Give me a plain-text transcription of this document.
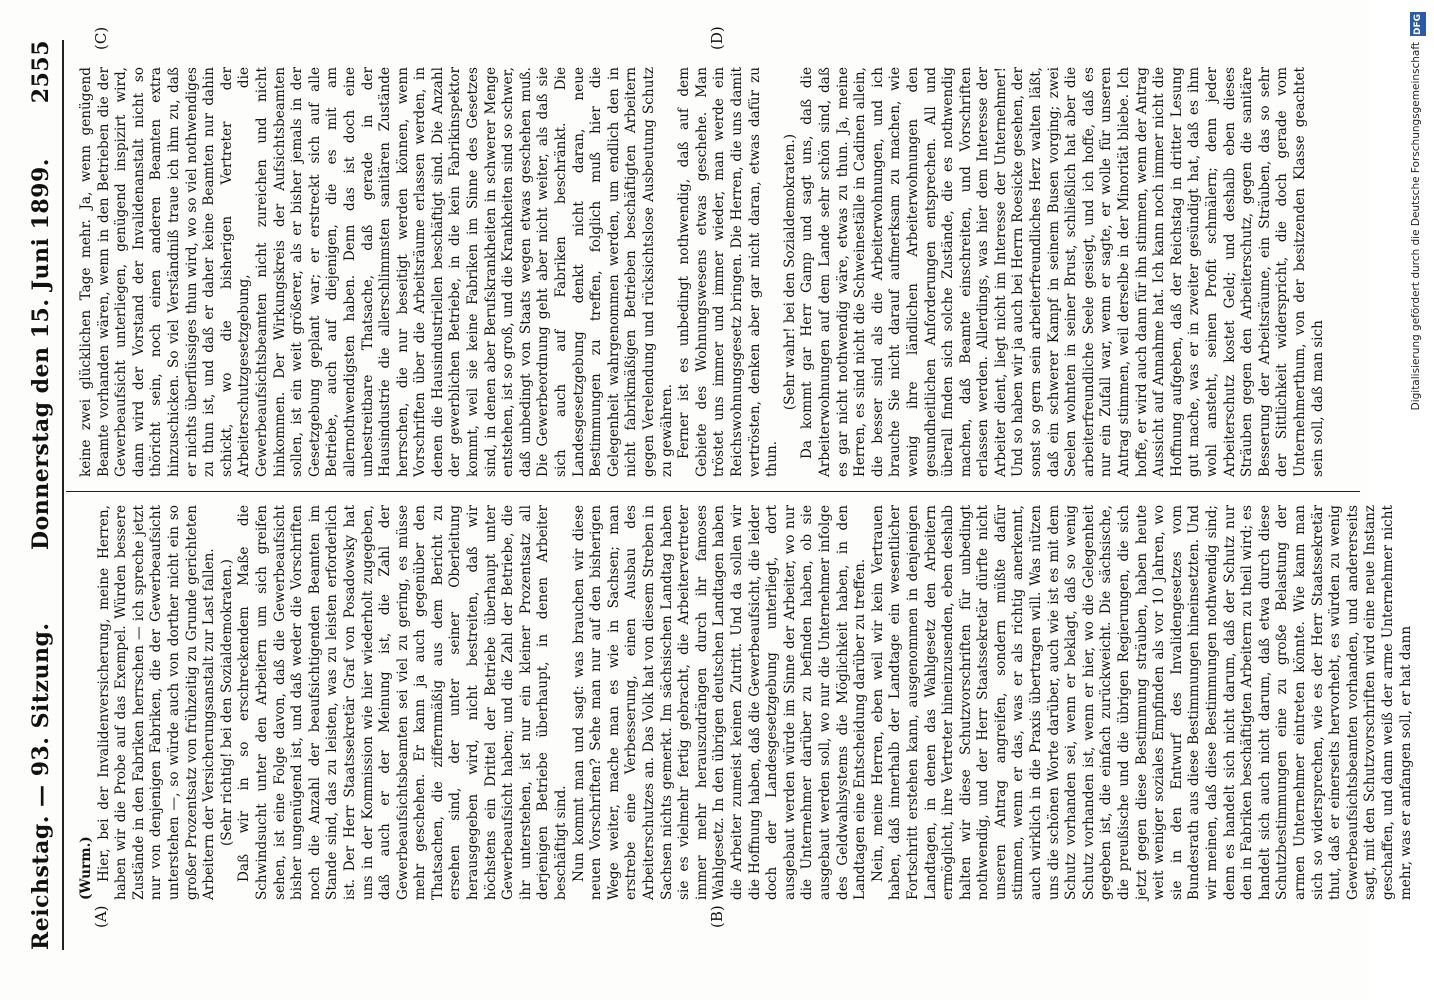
Reichstag. — 93. Sitzung.
Donnerstag den 15. Juni 1899.
2555
(A)	(B)
(C)	(D)

(Wurm.) Hier, bei der Invalidenversicherung, meine Herren, haben wir die Probe auf das Exempel. Würden bessere Zustände in den Fabriken herrschen — ich spreche jetzt nur von denjenigen Fabriken, die der Gewerbeaufsicht unterstehen —, so würde auch von dorther nicht ein so großer Prozentsatz von frühzeitig zu Grunde gerichteten Arbeitern der Versicherungsanstalt zur Last fallen. (Sehr richtig! bei den Sozialdemokraten.) Daß wir in so erschreckendem Maße die Schwindsucht unter den Arbeitern um sich greifen sehen, ist eine Folge davon, daß die Gewerbeaufsicht bisher ungenügend ist, und daß weder die Vorschriften noch die Anzahl der beaufsichtigenden Beamten im Stande sind, das zu leisten, was zu leisten erforderlich ist. Der Herr Staatssekretär Graf von Posadowsky hat uns in der Kommission wie hier wiederholt zugegeben, daß auch er der Meinung ist, die Zahl der Gewerbeaufsichtsbeamten sei viel zu gering, es müsse mehr geschehen. Er kann ja auch gegenüber den Thatsachen, die ziffernmäßig aus dem Bericht zu ersehen sind, der unter seiner Oberleitung herausgegeben wird, nicht bestreiten, daß wir höchstens ein Drittel der Betriebe überhaupt unter Gewerbeaufsicht haben; und die Zahl der Betriebe, die ihr unterstehen, ist nur ein kleiner Prozentsatz all derjenigen Betriebe überhaupt, in denen Arbeiter beschäftigt sind. Nun kommt man und sagt: was brauchen wir diese neuen Vorschriften? Sehe man nur auf den bisherigen Wege weiter, mache man es wie in Sachsen; man erstrebe eine Verbesserung, einen Ausbau des Arbeiterschutzes an. Das Volk hat von diesem Streben in Sachsen nichts gemerkt. Im sächsischen Landtag haben sie es vielmehr fertig gebracht, die Arbeitervertreter immer mehr herauszudrängen durch ihr famoses Wahlgesetz. In den übrigen deutschen Landtagen haben die Arbeiter zumeist keinen Zutritt. Und da sollen wir die Hoffnung haben, daß die Gewerbeaufsicht, die leider doch der Landesgesetzgebung unterliegt, dort ausgebaut werden würde im Sinne der Arbeiter, wo nur die Unternehmer darüber zu befinden haben, ob sie ausgebaut werden soll, wo nur die Unternehmer infolge des Geldwahlsystems die Möglichkeit haben, in den Landtagen eine Entscheidung darüber zu treffen. Nein, meine Herren, eben weil wir kein Vertrauen haben, daß innerhalb der Landtage ein wesentlicher Fortschritt erstehen kann, ausgenommen in denjenigen Landtagen, in denen das Wahlgesetz den Arbeitern ermöglicht, ihre Vertreter hineinzusenden, eben deshalb halten wir diese Schutzvorschriften für unbedingt nothwendig, und der Herr Staatssekretär dürfte nicht unseren Antrag angreifen, sondern müßte dafür stimmen, wenn er das, was er als richtig anerkennt, auch wirklich in die Praxis übertragen will. Was nützen uns die schönen Worte darüber, auch wie ist es mit dem Schutz vorhanden sei, wenn er beklagt, daß so wenig Schutz vorhanden ist, wenn er hier, wo die Gelegenheit gegeben ist, die einfach zurückweicht. Die sächsische, die preußische und die übrigen Regierungen, die sich jetzt gegen diese Bestimmung sträuben, haben heute weit weniger soziales Empfinden als vor 10 Jahren, wo sie in den Entwurf des Invalidengesetzes vom Bundesrath aus diese Bestimmungen hineinsetzten. Und wir meinen, daß diese Bestimmungen nothwendig sind; denn es handelt sich nicht darum, daß der Schutz nur den in Fabriken beschäftigten Arbeitern zu theil wird; es handelt sich auch nicht darum, daß etwa durch diese Schutzbestimmungen eine zu große Belastung der armen Unternehmer eintreten könnte. Wie kann man sich so widersprechen, wie es der Herr Staatssekretär thut, daß er einerseits hervorhebt, es würden zu wenig Gewerbeaufsichtsbeamten vorhanden, und andererseits sagt, mit den Schutzvorschriften wird eine neue Instanz geschaffen, und dann weiß der arme Unternehmer nicht mehr, was er anfangen soll, er hat dann

keine zwei glücklichen Tage mehr. Ja, wenn genügend Beamte vorhanden wären, wenn in den Betrieben die der Gewerbeaufsicht unterliegen, genügend inspizirt wird, dann wird der Vorstand der Invalidenanstalt nicht so thöricht sein, noch einen anderen Beamten extra hinzuschicken. So viel Verständniß traue ich ihm zu, daß er nichts überflüssiges thun wird, wo so viel nothwendiges zu thun ist, und daß er daher keine Beamten nur dahin schickt, wo die bisherigen Vertreter der Arbeiterschutzgesetzgebung, die Gewerbeaufsichtsbeamten nicht zureichen und nicht hinkommen. Der Wirkungskreis der Aufsichtsbeamten sollen, ist ein weit größerer, als er bisher jemals in der Gesetzgebung geplant war; er erstreckt sich auf alle Betriebe, auch auf diejenigen, die es mit am allernothwendigsten haben. Denn das ist doch eine unbestreitbare Thatsache, daß gerade in der Hausindustrie die allerschlimmsten sanitären Zustände herrschen, die nur beseitigt werden können, wenn Vorschriften über die Arbeitsräume erlassen werden, in denen die Hausindustriellen beschäftigt sind. Die Anzahl der gewerblichen Betriebe, in die kein Fabrikinspektor kommt, weil sie keine Fabriken im Sinne des Gesetzes sind, in denen aber Berufskrankheiten in schwerer Menge entstehen, ist so groß, und die Krankheiten sind so schwer, daß unbedingt von Staats wegen etwas geschehen muß. Die Gewerbeordnung geht aber nicht weiter, als daß sie sich auch auf Fabriken beschränkt. Die Landesgesetzgebung denkt nicht daran, neue Bestimmungen zu treffen, folglich muß hier die Gelegenheit wahrgenommen werden, um endlich den in nicht fabrikmäßigen Betrieben beschäftigten Arbeitern gegen Verelendung und rücksichtslose Ausbeutung Schutz zu gewähren. Ferner ist es unbedingt nothwendig, daß auf dem Gebiete des Wohnungswesens etwas geschehe. Man tröstet uns immer und immer wieder, man werde ein Reichswohnungsgesetz bringen. Die Herren, die uns damit vertrösten, denken aber gar nicht daran, etwas dafür zu thun.

(Sehr wahr! bei den Sozialdemokraten.) Da kommt gar Herr Gamp und sagt uns, daß die Arbeiterwohnungen auf dem Lande sehr schön sind, daß es gar nicht nothwendig wäre, etwas zu thun. Ja, meine Herren, es sind nicht die Schweineställe in Cadinen allein, die besser sind als die Arbeiterwohnungen, und ich brauche Sie nicht darauf aufmerksam zu machen, wie wenig ihre ländlichen Arbeiterwohnungen den gesundheitlichen Anforderungen entsprechen. All und überall finden sich solche Zustände, die es nothwendig machen, daß Beamte einschreiten, und Vorschriften erlassen werden. Allerdings, was hier dem Interesse der Arbeiter dient, liegt nicht im Interesse der Unternehmer! Und so haben wir ja auch bei Herrn Roesicke gesehen, der sonst so gern sein arbeiterfreundliches Herz walten läßt, daß ein schwerer Kampf in seinem Busen vorging; zwei Seelen wohnten in seiner Brust, schließlich hat aber die arbeiterfreundliche Seele gesiegt, und ich hoffe, daß es nur ein Zufall war, wenn er sagte, er wolle für unseren Antrag stimmen, weil derselbe in der Minorität bliebe. Ich hoffe, er wird auch dann für ihn stimmen, wenn der Antrag Aussicht auf Annahme hat. Ich kann noch immer nicht die Hoffnung aufgeben, daß der Reichstag in dritter Lesung gut mache, was er in zweiter gesündigt hat, daß es ihm wohl ansteht, seinen Profit schmälern; denn jeder Arbeiterschutz kostet Geld; und deshalb eben dieses Sträuben gegen den Arbeiterschutz, gegen die sanitäre Besserung der Arbeitsräume, ein Sträuben, das so sehr der Sittlichkeit widerspricht, die doch gerade vom Unternehmerthum, von der besitzenden Klasse geachtet sein soll, daß man sich

DFG
Digitalisierung gefördert durch die Deutsche Forschungsgemeinschaft
